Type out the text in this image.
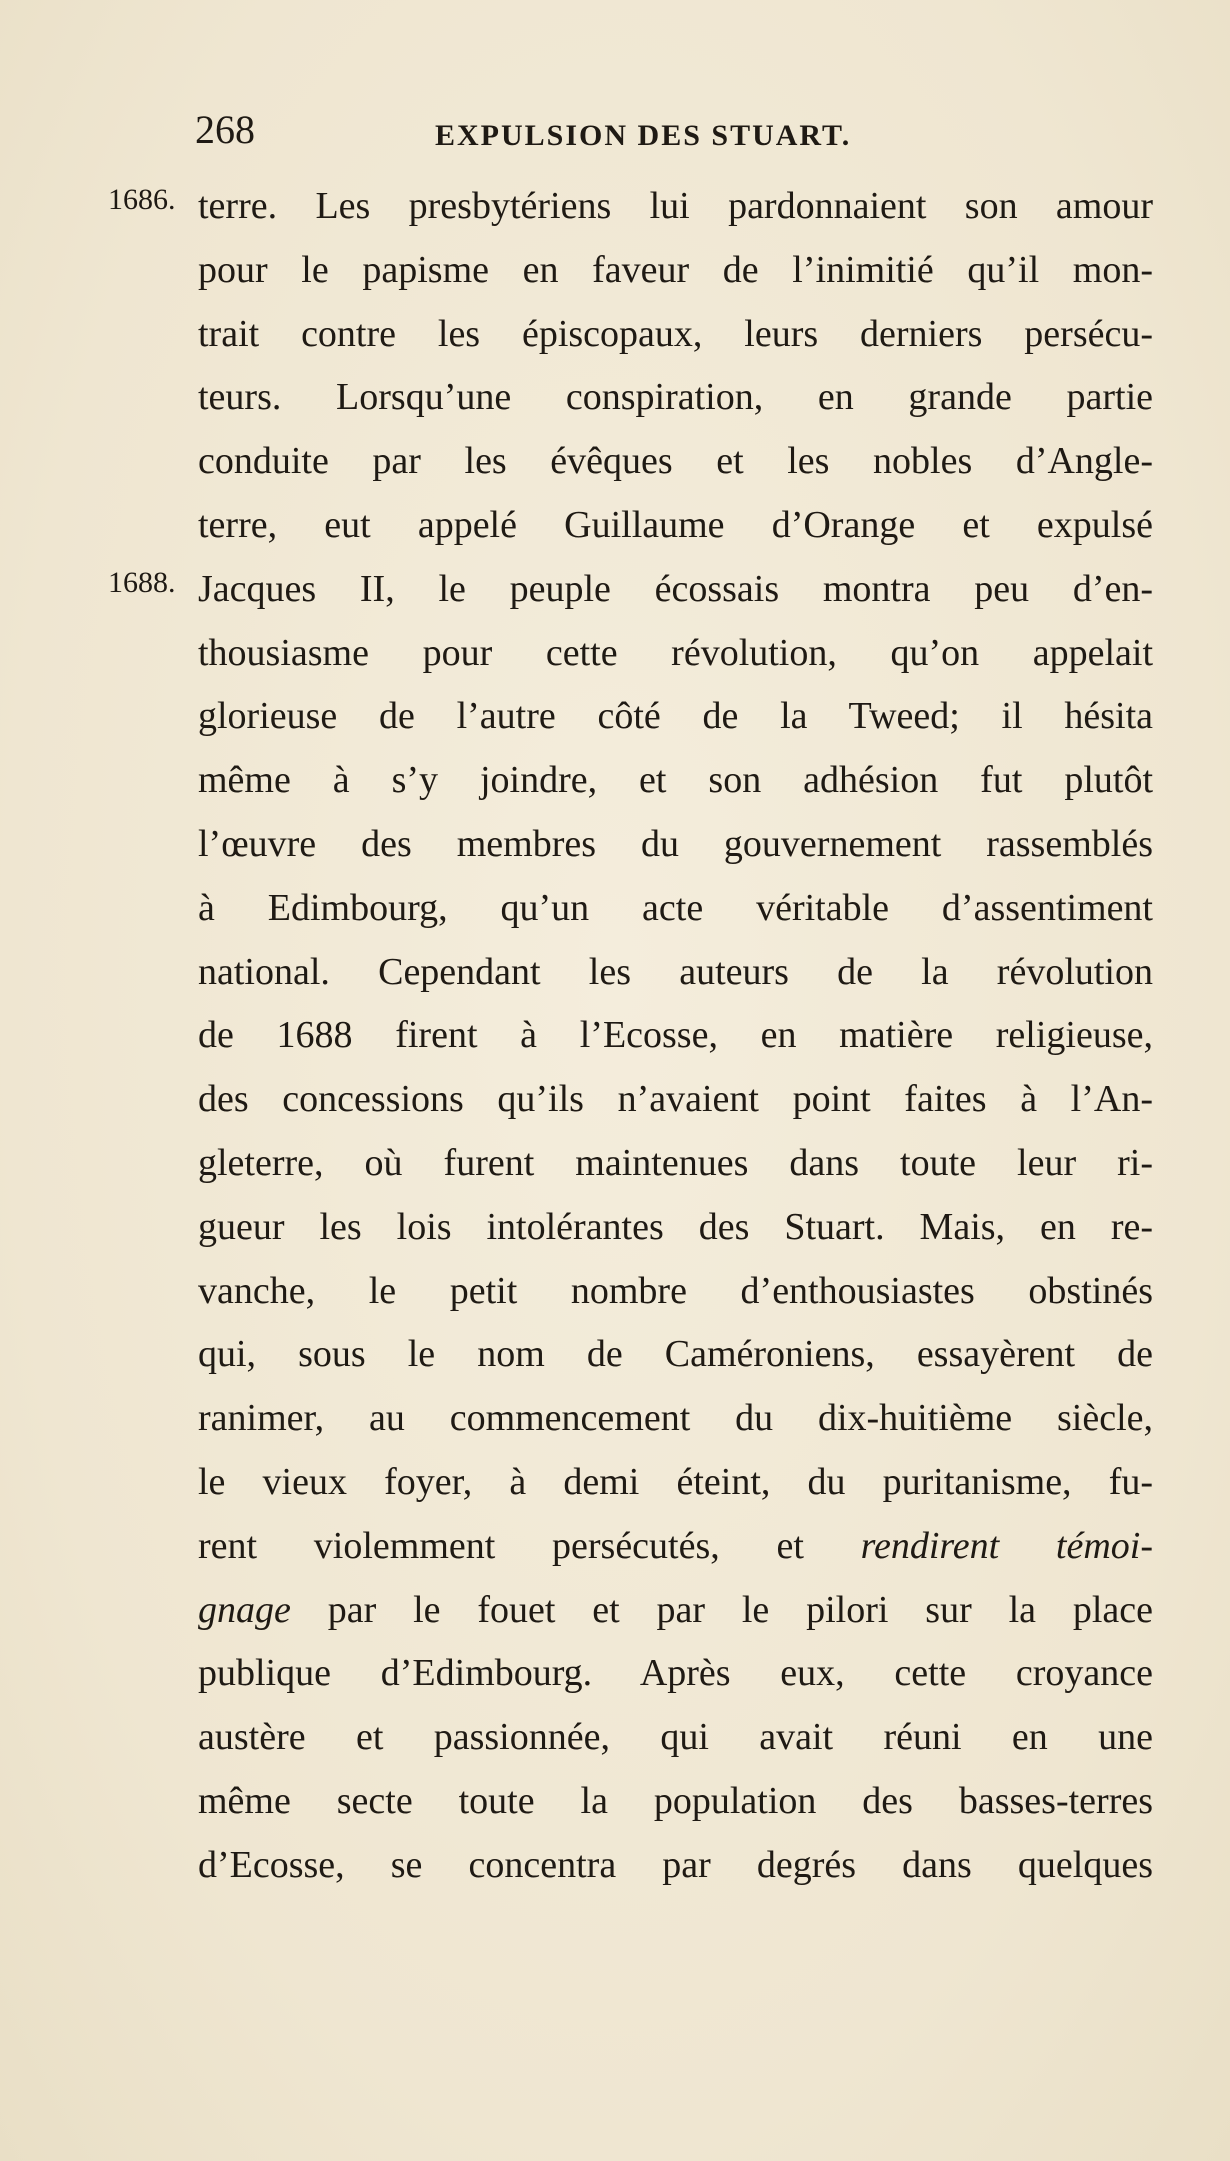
268	EXPULSION DES STUART.
1686.
1688.
terre. Les presbytériens lui pardonnaient son amour
pour le papisme en faveur de l’inimitié qu’il mon-
trait contre les épiscopaux, leurs derniers persécu-
teurs. Lorsqu’une conspiration, en grande partie
conduite par les évêques et les nobles d’Angle-
terre, eut appelé Guillaume d’Orange et expulsé
Jacques II, le peuple écossais montra peu d’en-
thousiasme pour cette révolution, qu’on appelait
glorieuse de l’autre côté de la Tweed; il hésita
même à s’y joindre, et son adhésion fut plutôt
l’œuvre des membres du gouvernement rassemblés
à Edimbourg, qu’un acte véritable d’assentiment
national. Cependant les auteurs de la révolution
de 1688 firent à l’Ecosse, en matière religieuse,
des concessions qu’ils n’avaient point faites à l’An-
gleterre, où furent maintenues dans toute leur ri-
gueur les lois intolérantes des Stuart. Mais, en re-
vanche, le petit nombre d’enthousiastes obstinés
qui, sous le nom de Caméroniens, essayèrent de
ranimer, au commencement du dix-huitième siècle,
le vieux foyer, à demi éteint, du puritanisme, fu-
rent violemment persécutés, et rendirent témoi-
gnage par le fouet et par le pilori sur la place
publique d’Edimbourg. Après eux, cette croyance
austère et passionnée, qui avait réuni en une
même secte toute la population des basses-terres
d’Ecosse, se concentra par degrés dans quelques
